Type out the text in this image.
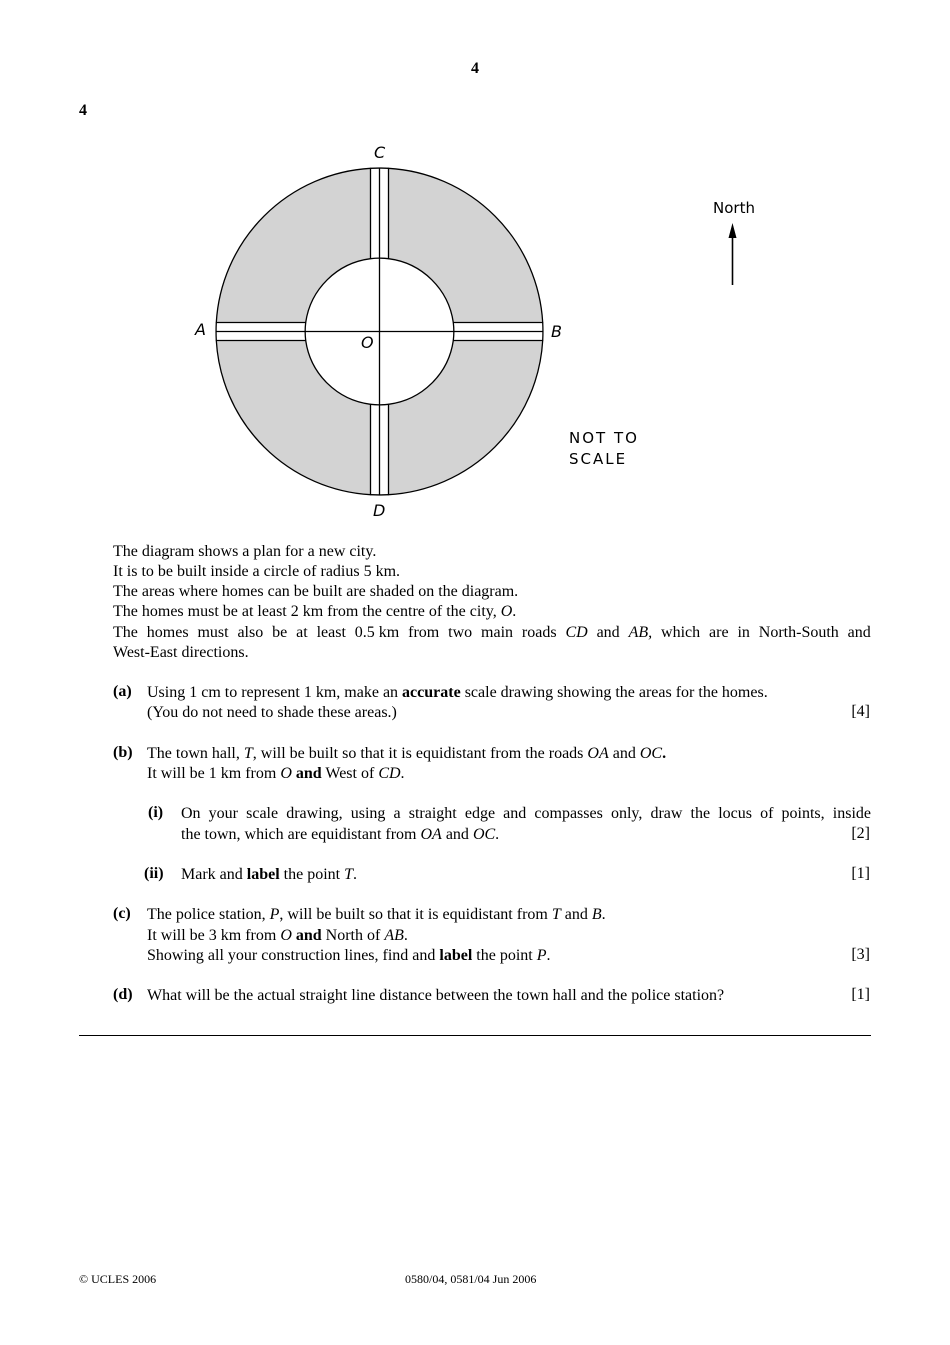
4
4
C
A
O
B
D
North
NOT TO
SCALE
The diagram shows a plan for a new city.
It is to be built inside a circle of radius 5 km.
The areas where homes can be built are shaded on the diagram.
The homes must be at least 2 km from the centre of the city, O.
The homes must also be at least 0.5 km from two main roads CD and AB, which are in North-South and
West-East directions.
(a) Using 1 cm to represent 1 km, make an accurate scale drawing showing the areas for the homes.
(You do not need to shade these areas.)	[4]
(b) The town hall, T, will be built so that it is equidistant from the roads OA and OC.
It will be 1 km from O and West of CD.
(i) On your scale drawing, using a straight edge and compasses only, draw the locus of points, inside
the town, which are equidistant from OA and OC.	[2]
(ii) Mark and label the point T.	[1]
(c) The police station, P, will be built so that it is equidistant from T and B.
It will be 3 km from O and North of AB.
Showing all your construction lines, find and label the point P.	[3]
(d) What will be the actual straight line distance between the town hall and the police station?	[1]
© UCLES 2006	0580/04, 0581/04 Jun 2006
